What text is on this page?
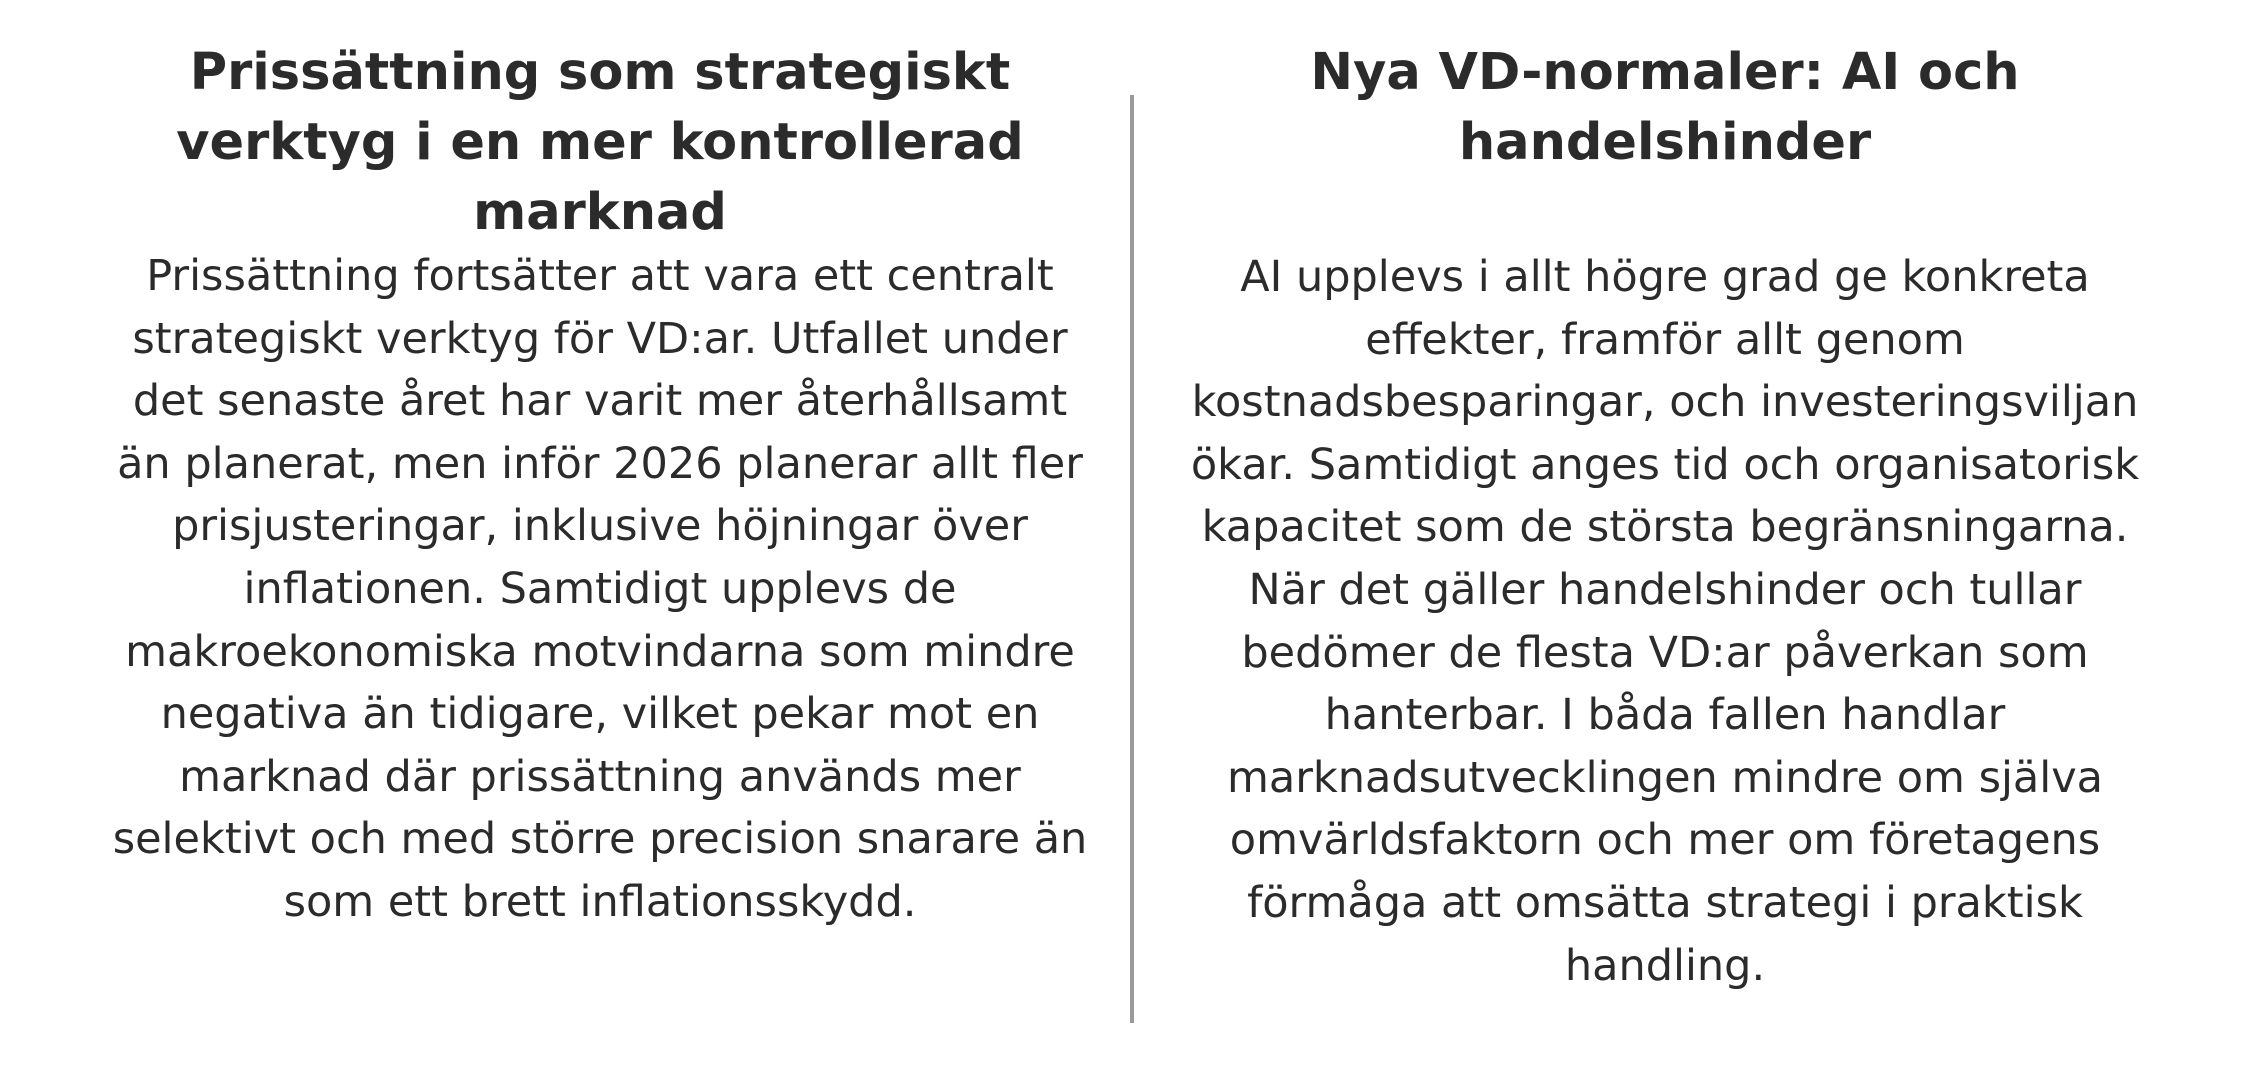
Prissättning som strategiskt verktyg i en mer kontrollerad marknad

Prissättning fortsätter att vara ett centralt strategiskt verktyg för VD:ar. Utfallet under det senaste året har varit mer återhållsamt än planerat, men inför 2026 planerar allt fler prisjusteringar, inklusive höjningar över inflationen. Samtidigt upplevs de makroekonomiska motvindarna som mindre negativa än tidigare, vilket pekar mot en marknad där prissättning används mer selektivt och med större precision snarare än som ett brett inflationsskydd.

Nya VD-normaler: AI och handelshinder

AI upplevs i allt högre grad ge konkreta effekter, framför allt genom kostnadsbesparingar, och investeringsviljan ökar. Samtidigt anges tid och organisatorisk kapacitet som de största begränsningarna. När det gäller handelshinder och tullar bedömer de flesta VD:ar påverkan som hanterbar. I båda fallen handlar marknadsutvecklingen mindre om själva omvärldsfaktorn och mer om företagens förmåga att omsätta strategi i praktisk handling.
